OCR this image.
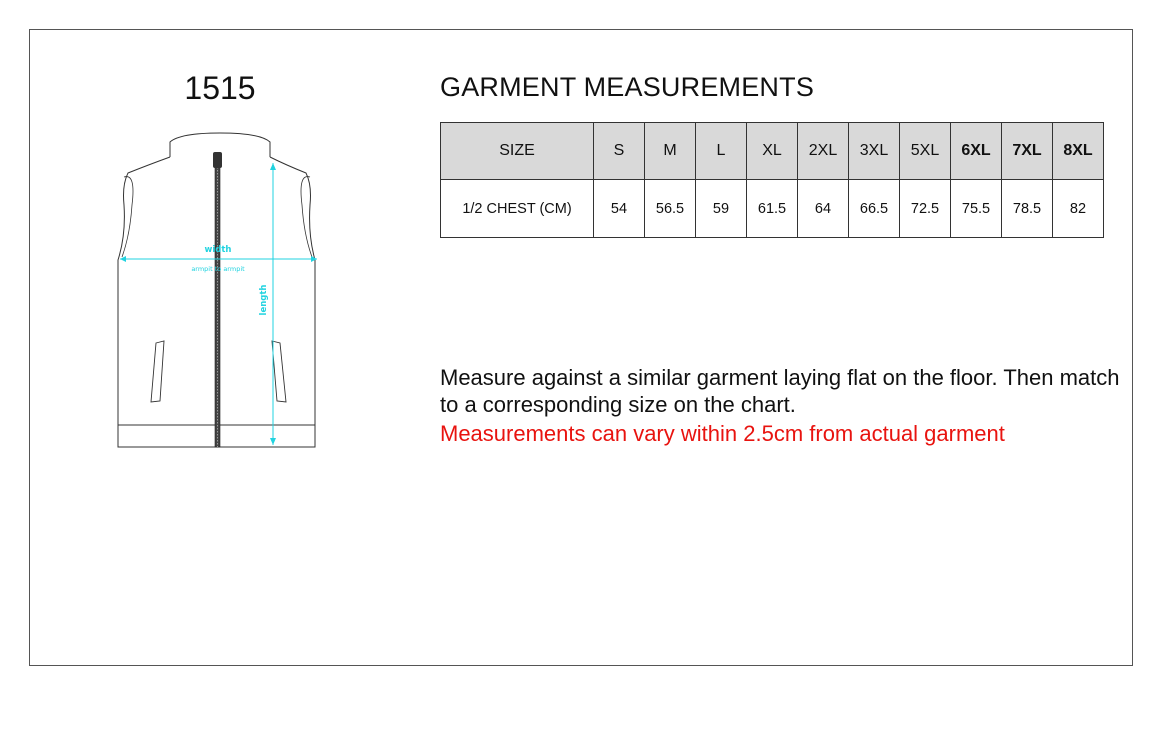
1515
width
armpit to armpit
length
GARMENT MEASUREMENTS
SIZE	S	M	L	XL	2XL	3XL	5XL	6XL	7XL	8XL
1/2 CHEST (CM)	54	56.5	59	61.5	64	66.5	72.5	75.5	78.5	82

Measure against a similar garment laying flat on the floor. Then match to a corresponding size on the chart.

Measurements can vary within 2.5cm from actual garment
